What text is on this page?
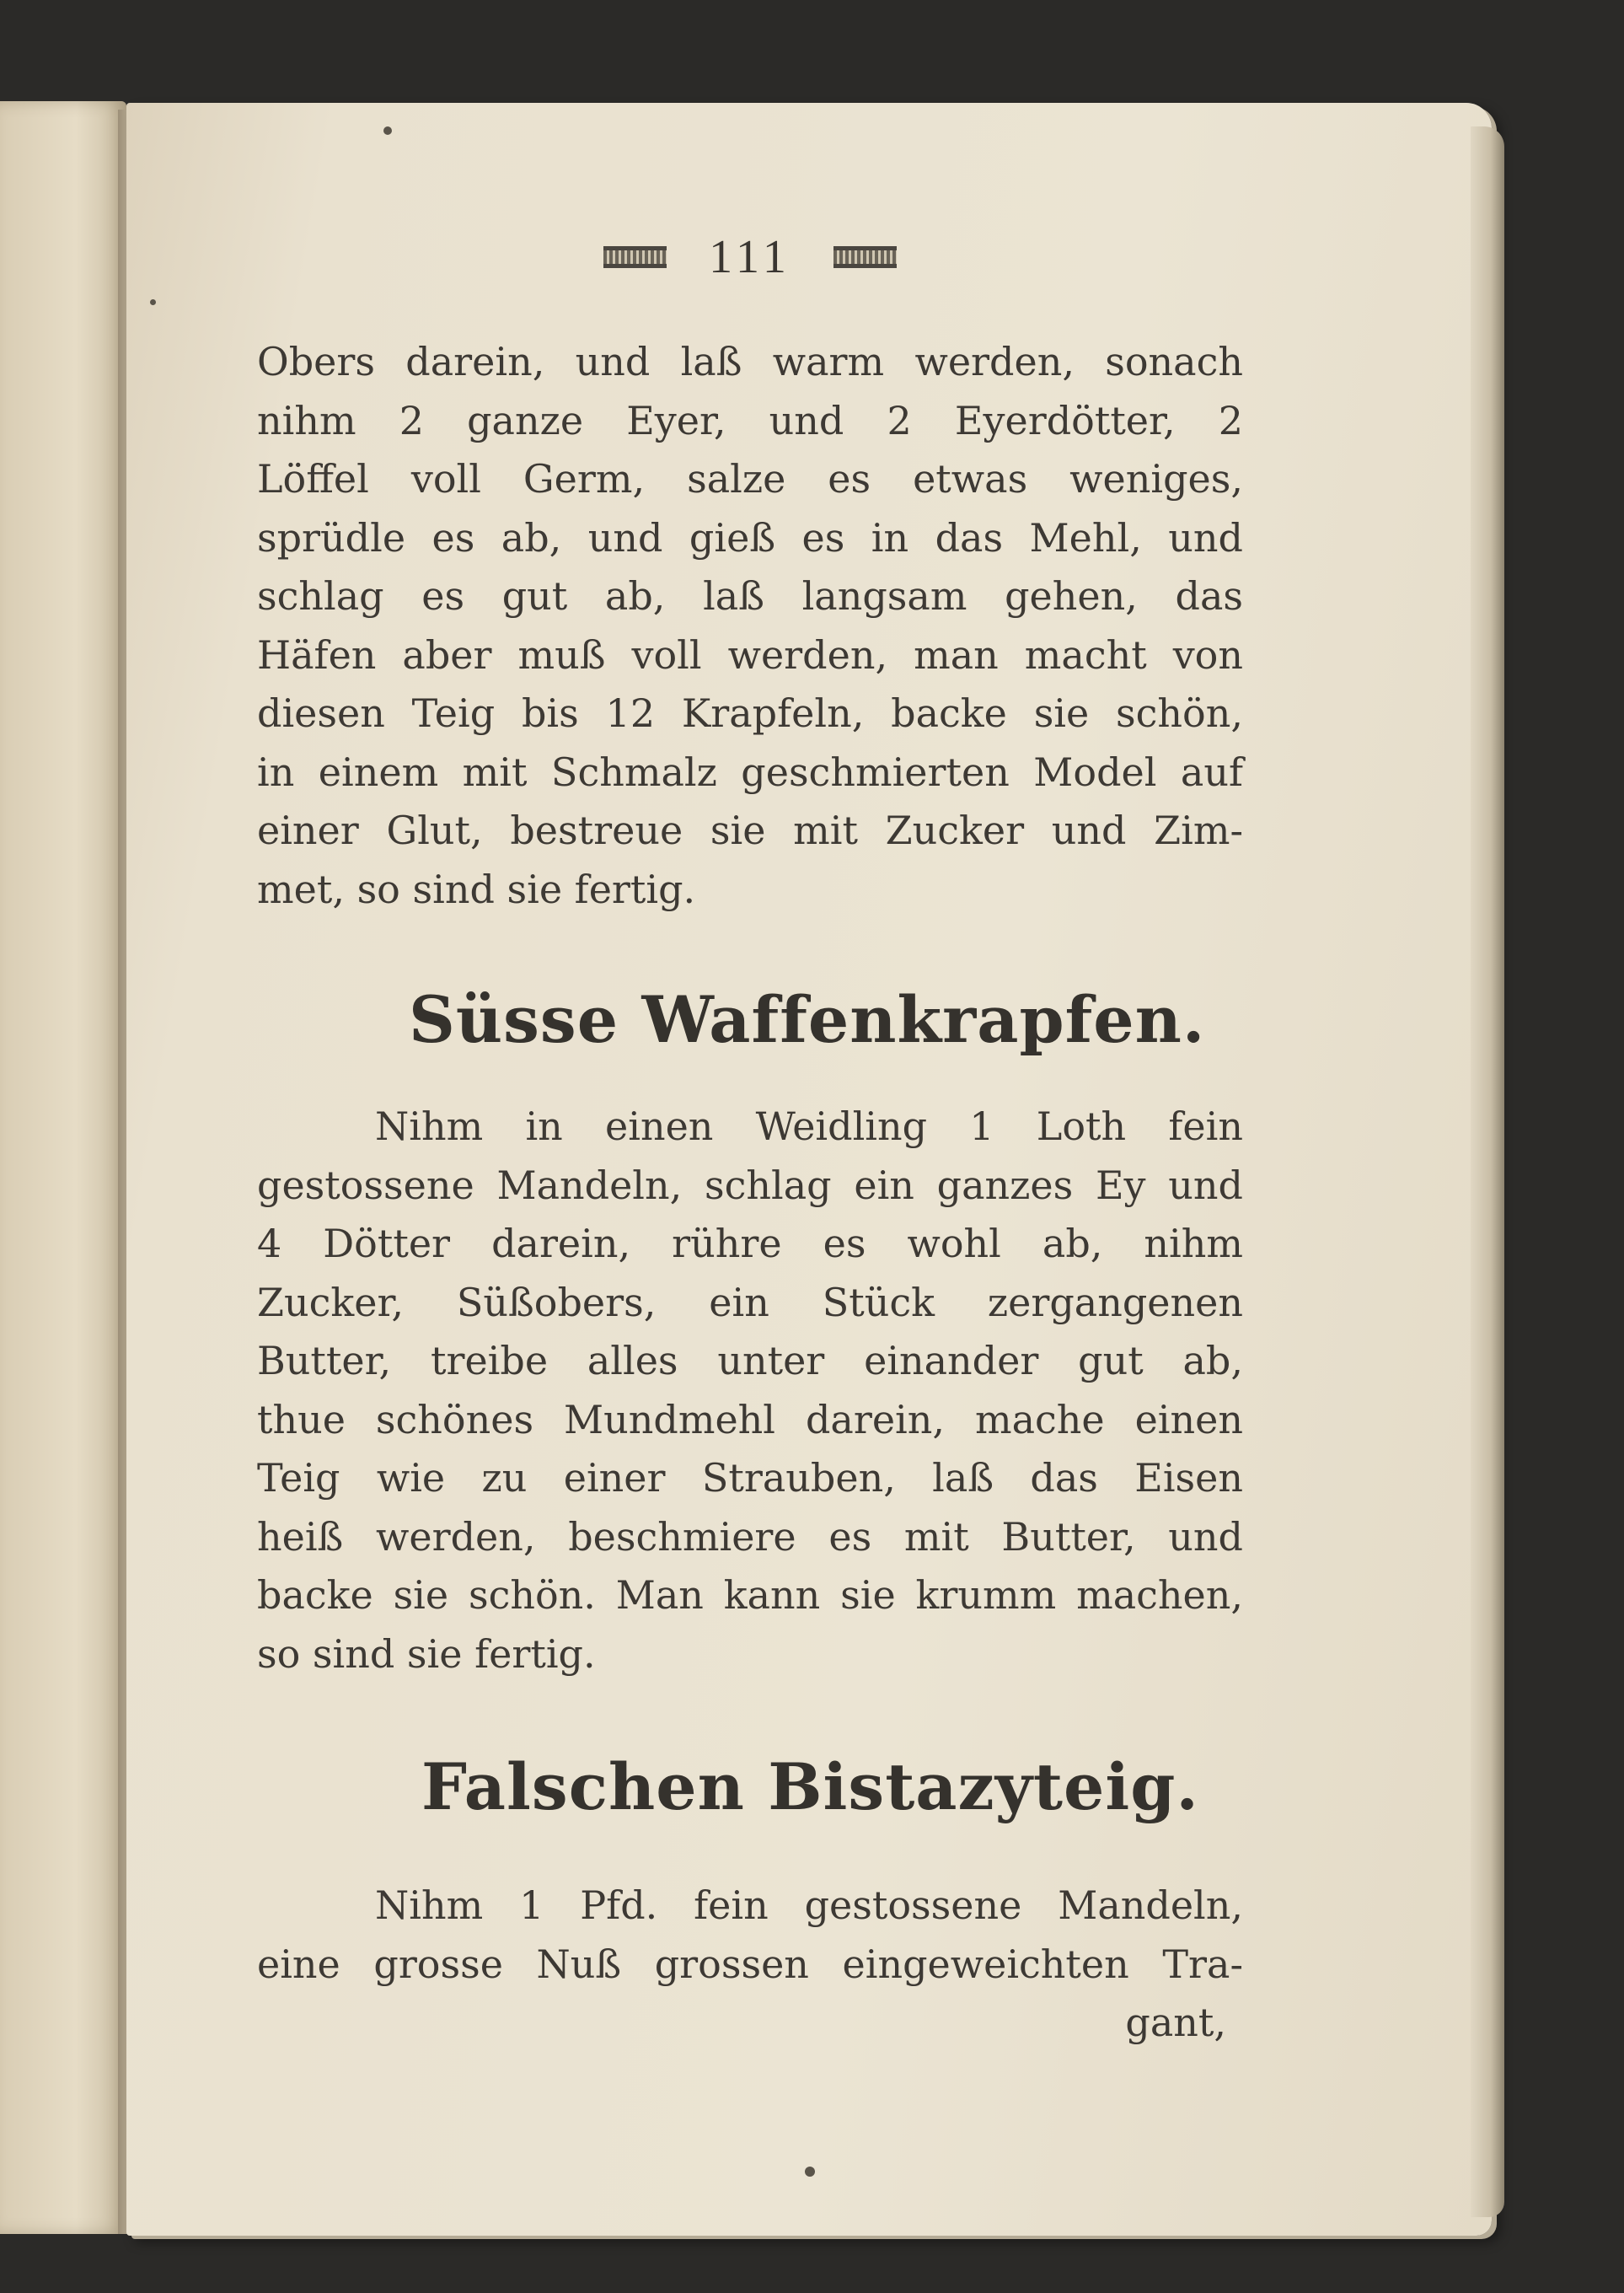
111
Obers darein, und laß warm werden, sonach
nihm 2 ganze Eyer, und 2 Eyerdötter, 2
Löffel voll Germ, salze es etwas weniges,
sprüdle es ab, und gieß es in das Mehl, und
schlag es gut ab, laß langsam gehen, das
Häfen aber muß voll werden, man macht von
diesen Teig bis 12 Krapfeln, backe sie schön,
in einem mit Schmalz geschmierten Model auf
einer Glut, bestreue sie mit Zucker und Zim-
met, so sind sie fertig.
Süsse Waffenkrapfen.
Nihm in einen Weidling 1 Loth fein
gestossene Mandeln, schlag ein ganzes Ey und
4 Dötter darein, rühre es wohl ab, nihm
Zucker, Süßobers, ein Stück zergangenen
Butter, treibe alles unter einander gut ab,
thue schönes Mundmehl darein, mache einen
Teig wie zu einer Strauben, laß das Eisen
heiß werden, beschmiere es mit Butter, und
backe sie schön. Man kann sie krumm machen,
so sind sie fertig.
Falschen Bistazyteig.
Nihm 1 Pfd. fein gestossene Mandeln,
eine grosse Nuß grossen eingeweichten Tra-
gant,
